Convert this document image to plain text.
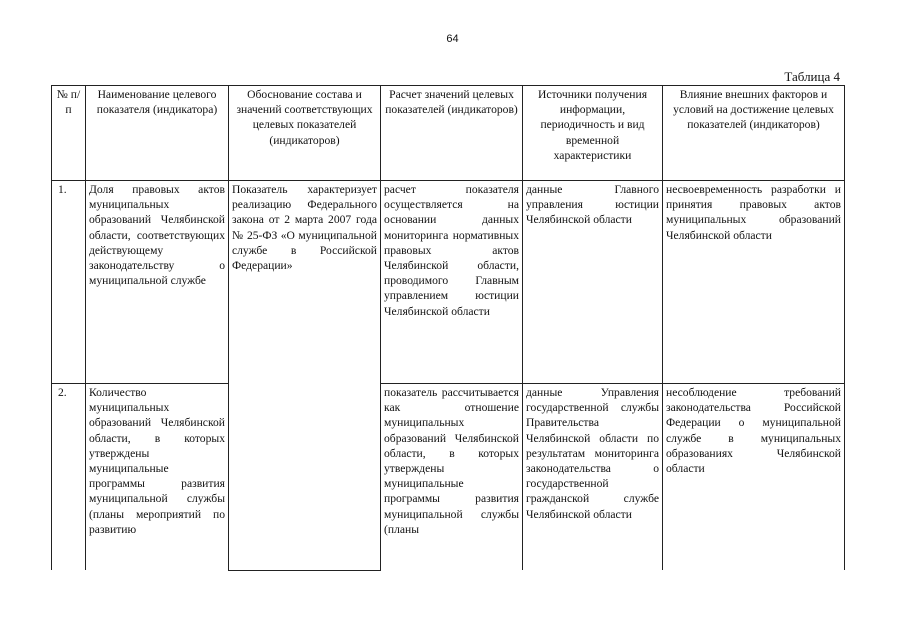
64
Таблица 4
№ п/п	Наименование целевого показателя (индикатора)	Обоснование состава и значений соответствующих целевых показателей (индикаторов)	Расчет значений целевых показателей (индикаторов)	Источники получения информации, периодичность и вид временной характеристики	Влияние внешних факторов и условий на достижение целевых показателей (индикаторов)
1.	Доля правовых актов муниципальных образований Челябинской области, соответствующих действующему законодательству о муниципальной службе	Показатель характеризует реализацию Федерального закона от 2 марта 2007 года № 25-ФЗ «О муниципальной службе в Российской Федерации»	расчет показателя осуществляется на основании данных мониторинга нормативных правовых актов Челябинской области, проводимого Главным управлением юстиции Челябинской области	данные Главного управления юстиции Челябинской области	несвоевременность разработки и принятия правовых актов муниципальных образований Челябинской области
2.	Количество муниципальных образований Челябинской области, в которых утверждены муниципальные программы развития муниципальной службы (планы мероприятий по развитию		показатель рассчитывается как отношение муниципальных образований Челябинской области, в которых утверждены муниципальные программы развития муниципальной службы (планы	данные Управления государственной службы Правительства Челябинской области по результатам мониторинга законодательства о государственной гражданской службе Челябинской области	несоблюдение требований законодательства Российской Федерации о муниципальной службе в муниципальных образованиях Челябинской области
